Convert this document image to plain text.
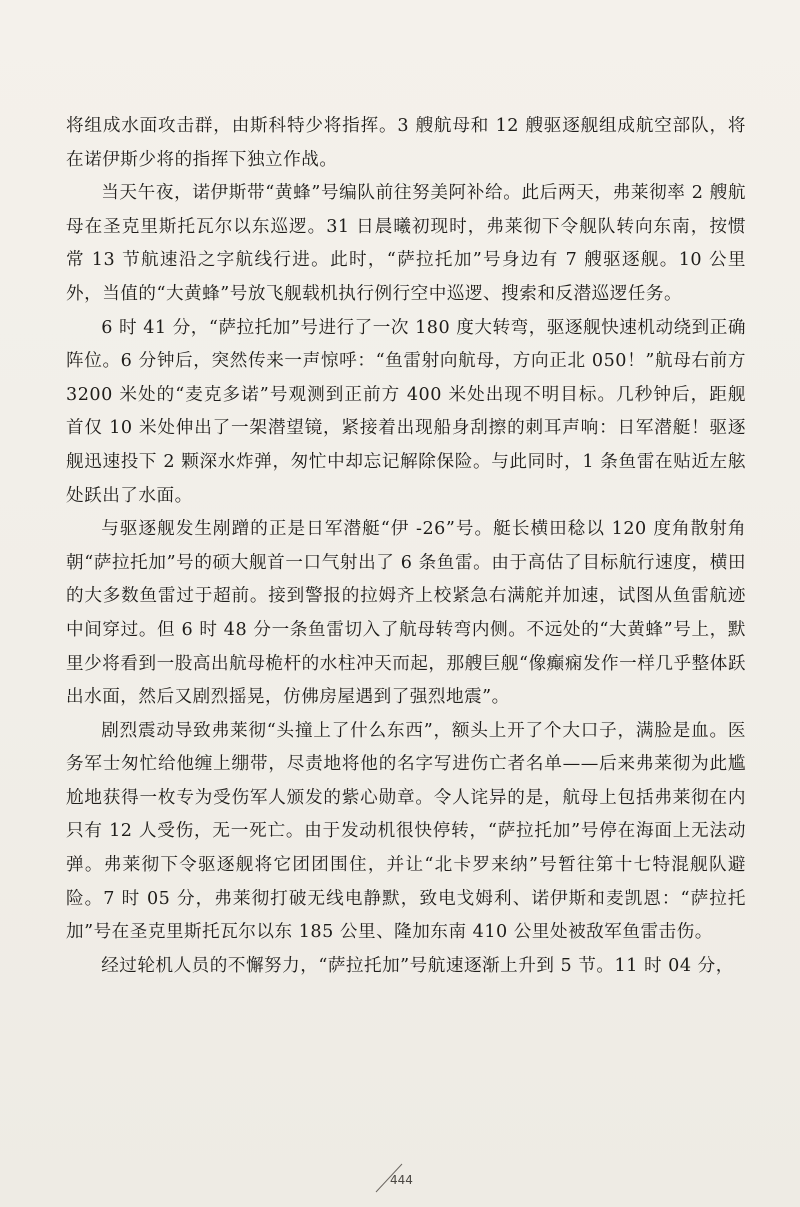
将组成水面攻击群，由斯科特少将指挥。3 艘航母和 12 艘驱逐舰组成航空部队，将在诺伊斯少将的指挥下独立作战。

当天午夜，诺伊斯带“黄蜂”号编队前往努美阿补给。此后两天，弗莱彻率 2 艘航母在圣克里斯托瓦尔以东巡逻。31 日晨曦初现时，弗莱彻下令舰队转向东南，按惯常 13 节航速沿之字航线行进。此时，“萨拉托加”号身边有 7 艘驱逐舰。10 公里外，当值的“大黄蜂”号放飞舰载机执行例行空中巡逻、搜索和反潜巡逻任务。

6 时 41 分，“萨拉托加”号进行了一次 180 度大转弯，驱逐舰快速机动绕到正确阵位。6 分钟后，突然传来一声惊呼：“鱼雷射向航母，方向正北 050！”航母右前方 3200 米处的“麦克多诺”号观测到正前方 400 米处出现不明目标。几秒钟后，距舰首仅 10 米处伸出了一架潜望镜，紧接着出现船身刮擦的刺耳声响：日军潜艇！驱逐舰迅速投下 2 颗深水炸弹，匆忙中却忘记解除保险。与此同时，1 条鱼雷在贴近左舷处跃出了水面。

与驱逐舰发生剐蹭的正是日军潜艇“伊 -26”号。艇长横田稔以 120 度角散射角朝“萨拉托加”号的硕大舰首一口气射出了 6 条鱼雷。由于高估了目标航行速度，横田的大多数鱼雷过于超前。接到警报的拉姆齐上校紧急右满舵并加速，试图从鱼雷航迹中间穿过。但 6 时 48 分一条鱼雷切入了航母转弯内侧。不远处的“大黄蜂”号上，默里少将看到一股高出航母桅杆的水柱冲天而起，那艘巨舰“像癫痫发作一样几乎整体跃出水面，然后又剧烈摇晃，仿佛房屋遇到了强烈地震”。

剧烈震动导致弗莱彻“头撞上了什么东西”，额头上开了个大口子，满脸是血。医务军士匆忙给他缠上绷带，尽责地将他的名字写进伤亡者名单——后来弗莱彻为此尴尬地获得一枚专为受伤军人颁发的紫心勋章。令人诧异的是，航母上包括弗莱彻在内只有 12 人受伤，无一死亡。由于发动机很快停转，“萨拉托加”号停在海面上无法动弹。弗莱彻下令驱逐舰将它团团围住，并让“北卡罗来纳”号暂往第十七特混舰队避险。7 时 05 分，弗莱彻打破无线电静默，致电戈姆利、诺伊斯和麦凯恩：“萨拉托加”号在圣克里斯托瓦尔以东 185 公里、隆加东南 410 公里处被敌军鱼雷击伤。

经过轮机人员的不懈努力，“萨拉托加”号航速逐渐上升到 5 节。11 时 04 分，

444
